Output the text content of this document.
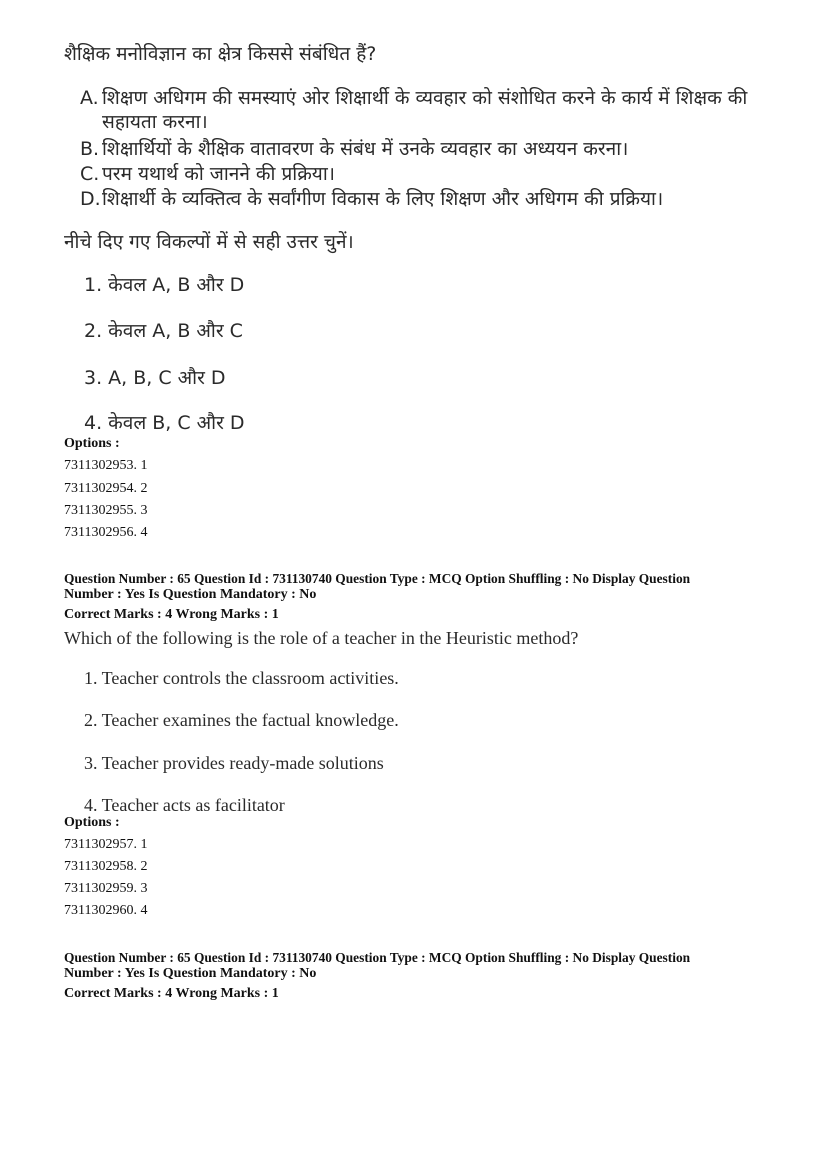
शैक्षिक मनोविज्ञान का क्षेत्र किससे संबंधित हैं?
A. शिक्षण अधिगम की समस्याएं ओर शिक्षार्थी के व्यवहार को संशोधित करने के कार्य में शिक्षक की
सहायता करना।
B. शिक्षार्थियों के शैक्षिक वातावरण के संबंध में उनके व्यवहार का अध्ययन करना।
C. परम यथार्थ को जानने की प्रक्रिया।
D.शिक्षार्थी के व्यक्तित्व के सर्वांगीण विकास के लिए शिक्षण और अधिगम की प्रक्रिया।
नीचे दिए गए विकल्पों में से सही उत्तर चुनें।
1. केवल A, B और D
2. केवल A, B और C
3. A, B, C और D
4. केवल B, C और D
Options :
7311302953. 1
7311302954. 2
7311302955. 3
7311302956. 4
Question Number : 65 Question Id : 731130740 Question Type : MCQ Option Shuffling : No Display Question
Number : Yes Is Question Mandatory : No
Correct Marks : 4 Wrong Marks : 1
Which of the following is the role of a teacher in the Heuristic method?
1. Teacher controls the classroom activities.
2. Teacher examines the factual knowledge.
3. Teacher provides ready-made solutions
4. Teacher acts as facilitator
Options :
7311302957. 1
7311302958. 2
7311302959. 3
7311302960. 4
Question Number : 65 Question Id : 731130740 Question Type : MCQ Option Shuffling : No Display Question
Number : Yes Is Question Mandatory : No
Correct Marks : 4 Wrong Marks : 1
